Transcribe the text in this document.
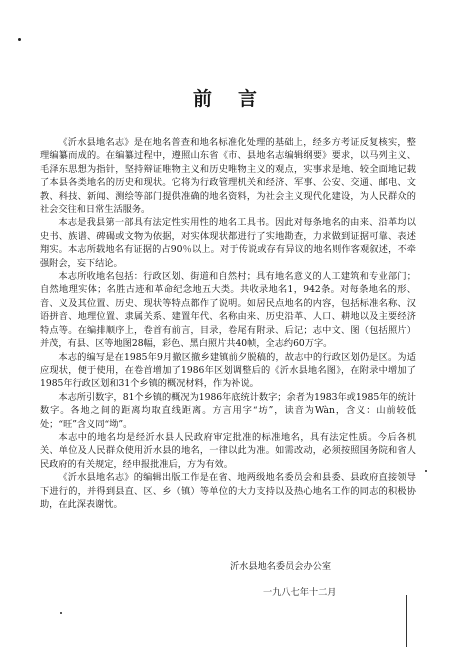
前言

《沂水县地名志》是在地名普查和地名标准化处理的基础上，经多方考证反复核实，整理编纂而成的。在编纂过程中，遵照山东省《市、县地名志编辑纲要》要求，以马列主义、毛泽东思想为指针，坚持辩证唯物主义和历史唯物主义的观点，实事求是地、较全面地记载了本县各类地名的历史和现状。它将为行政管理机关和经济、军事、公安、交通、邮电、文教、科技、新闻、测绘等部门提供准确的地名资料，为社会主义现代化建设，为人民群众的社会交往和日常生活服务。

本志是我县第一部具有法定性实用性的地名工具书。因此对每条地名的由来、沿革均以史书、族谱、碑碣或文物为依据，对实体现状都进行了实地勘查，力求做到证据可靠、表述翔实。本志所载地名有证据的占90％以上。对于传说或存有异议的地名则作客观叙述，不牵强附会，妄下结论。

本志所收地名包括：行政区划、街道和自然村；具有地名意义的人工建筑和专业部门；自然地理实体；名胜古迹和革命纪念地五大类。共收录地名1，942条。对每条地名的形、音、义及其位置、历史、现状等特点都作了说明。如居民点地名的内容，包括标准名称、汉语拼音、地理位置、隶属关系、建置年代、名称由来、历史沿革、人口、耕地以及主要经济特点等。在编排顺序上，卷首有前言，目录，卷尾有附录、后记；志中文、图（包括照片）并茂，有县、区等地图28幅，彩色、黑白照片共40帧，全志约60万字。

本志的编写是在1985年9月撤区撤乡建镇前夕脱稿的，故志中的行政区划仍是区。为适应现状，便于使用，在卷首增加了1986年区划调整后的《沂水县地名图》，在附录中增加了1985年行政区划和31个乡镇的概况材料，作为补说。

本志所引数字，81个乡镇的概况为1986年底统计数字；余者为1983年或1985年的统计数字。各地之间的距离均取直线距离。方言用字“坊”，读音为Wàn，含义：山前较低处；“旺”含义同“坳”。

本志中的地名均是经沂水县人民政府审定批准的标准地名，具有法定性质。今后各机关、单位及人民群众使用沂水县的地名，一律以此为准。如需改动，必须按照国务院和省人民政府的有关规定，经申报批准后，方为有效。

《沂水县地名志》的编辑出版工作是在省、地两级地名委员会和县委、县政府直接领导下进行的，并得到县直、区、乡（镇）等单位的大力支持以及热心地名工作的同志的积极协助，在此深表谢忱。

沂水县地名委员会办公室
一九八七年十二月
